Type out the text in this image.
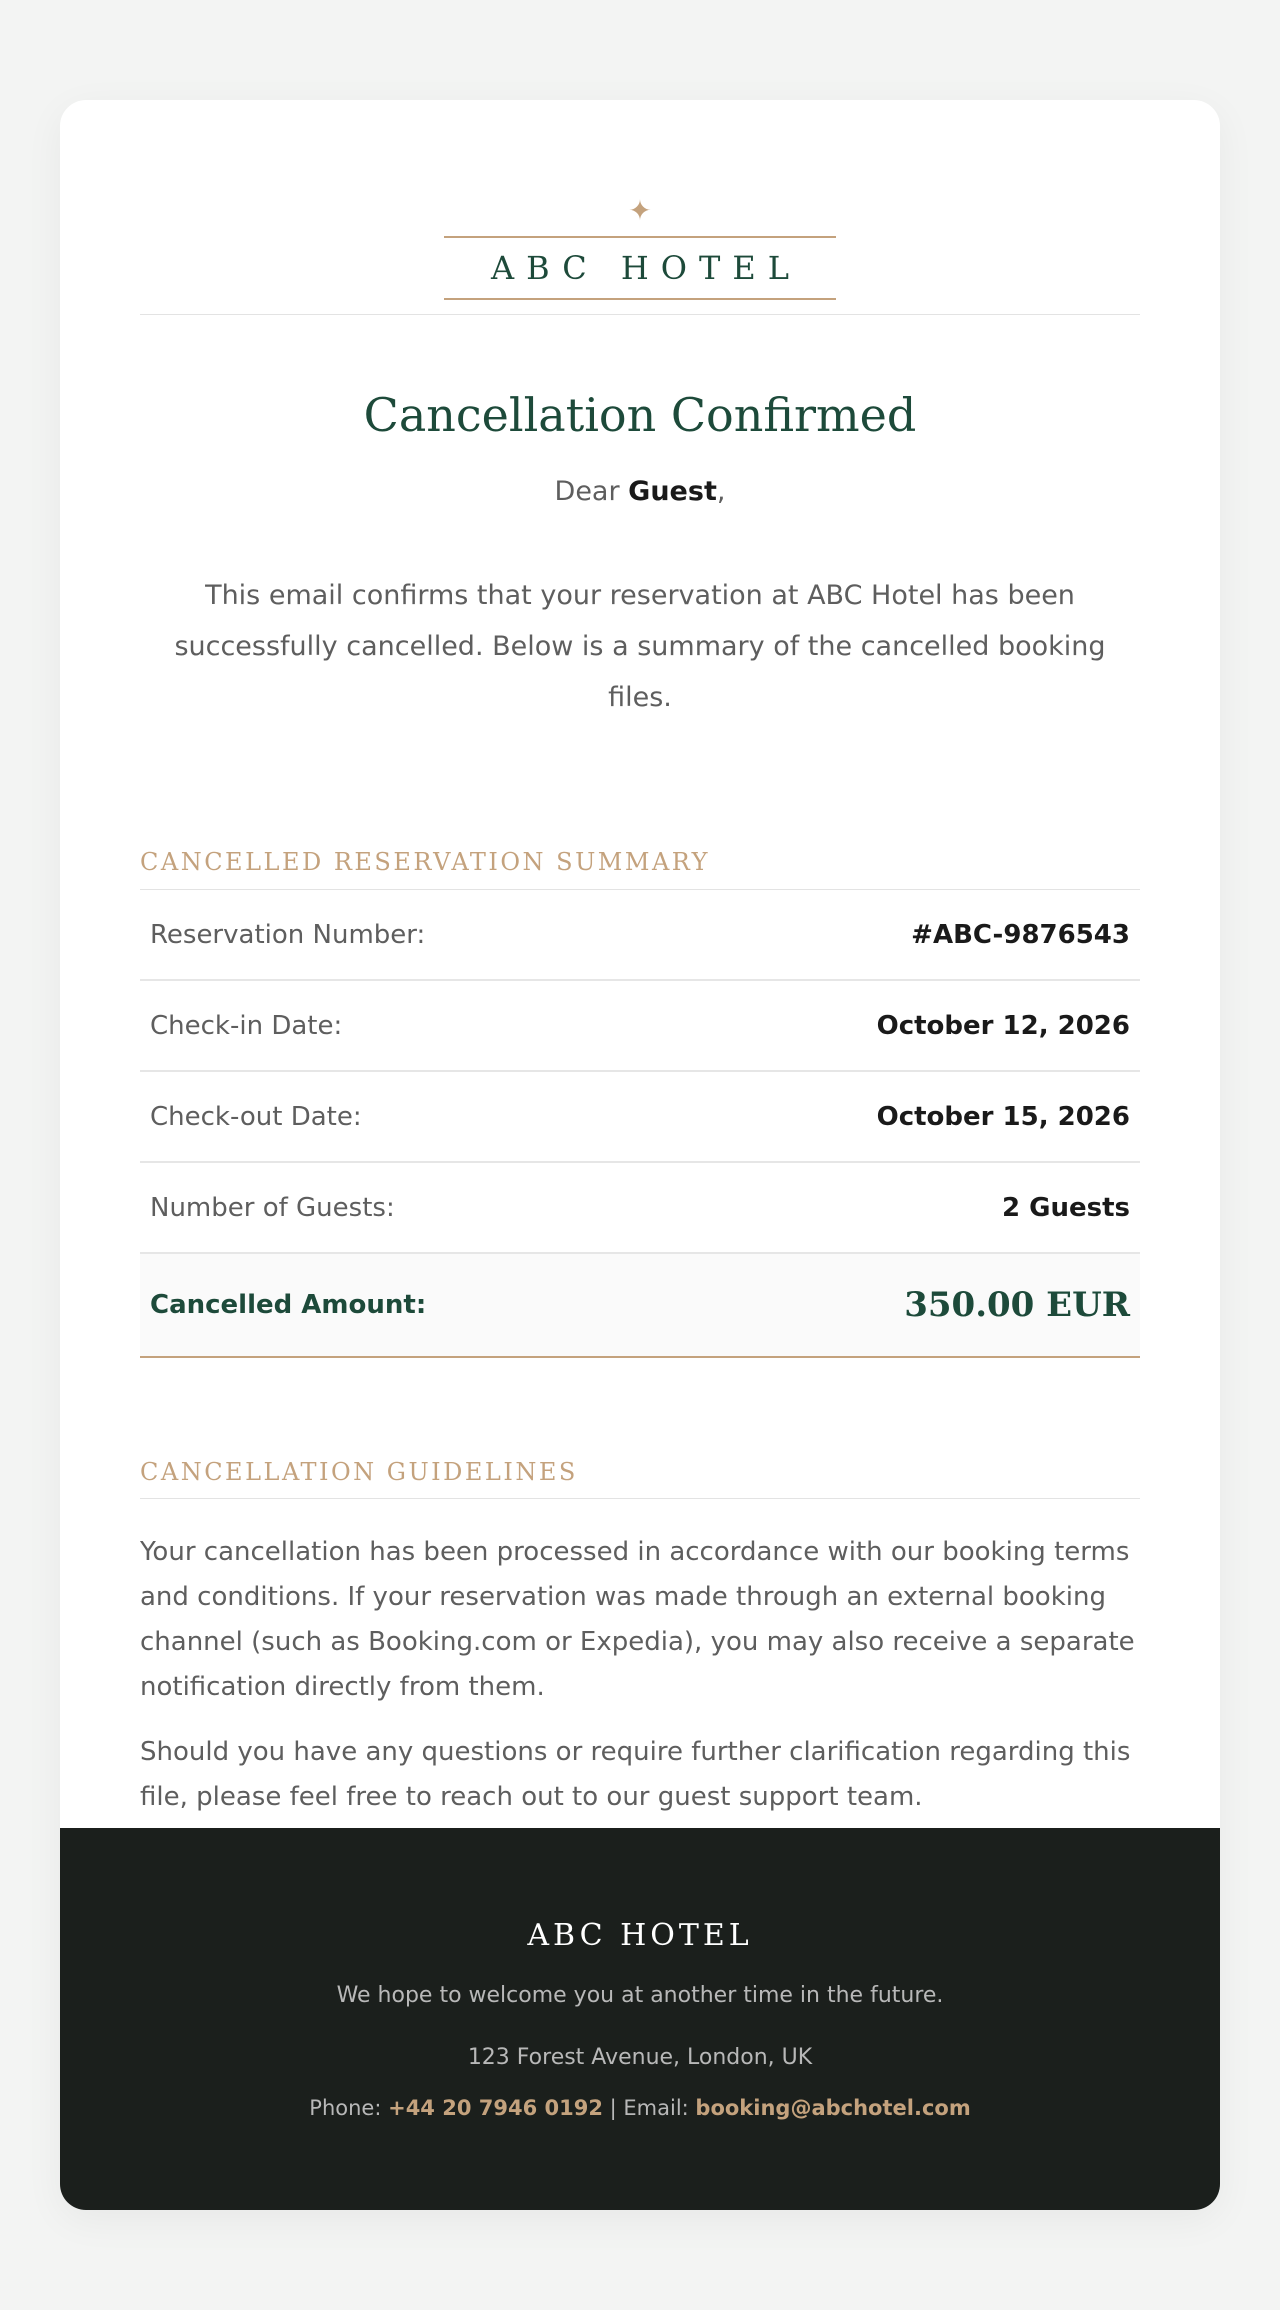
✦
ABC HOTEL
Cancellation Confirmed
Dear Guest,
This email confirms that your reservation at ABC Hotel has been successfully cancelled. Below is a summary of the cancelled booking files.
CANCELLED RESERVATION SUMMARY
Reservation Number:	#ABC-9876543
Check-in Date:	October 12, 2026
Check-out Date:	October 15, 2026
Number of Guests:	2 Guests
Cancelled Amount:	350.00 EUR
CANCELLATION GUIDELINES

Your cancellation has been processed in accordance with our booking terms and conditions. If your reservation was made through an external booking channel (such as Booking.com or Expedia), you may also receive a separate notification directly from them.

Should you have any questions or require further clarification regarding this file, please feel free to reach out to our guest support team.

ABC HOTEL
We hope to welcome you at another time in the future.
123 Forest Avenue, London, UK
Phone: +44 20 7946 0192 | Email: booking@abchotel.com
